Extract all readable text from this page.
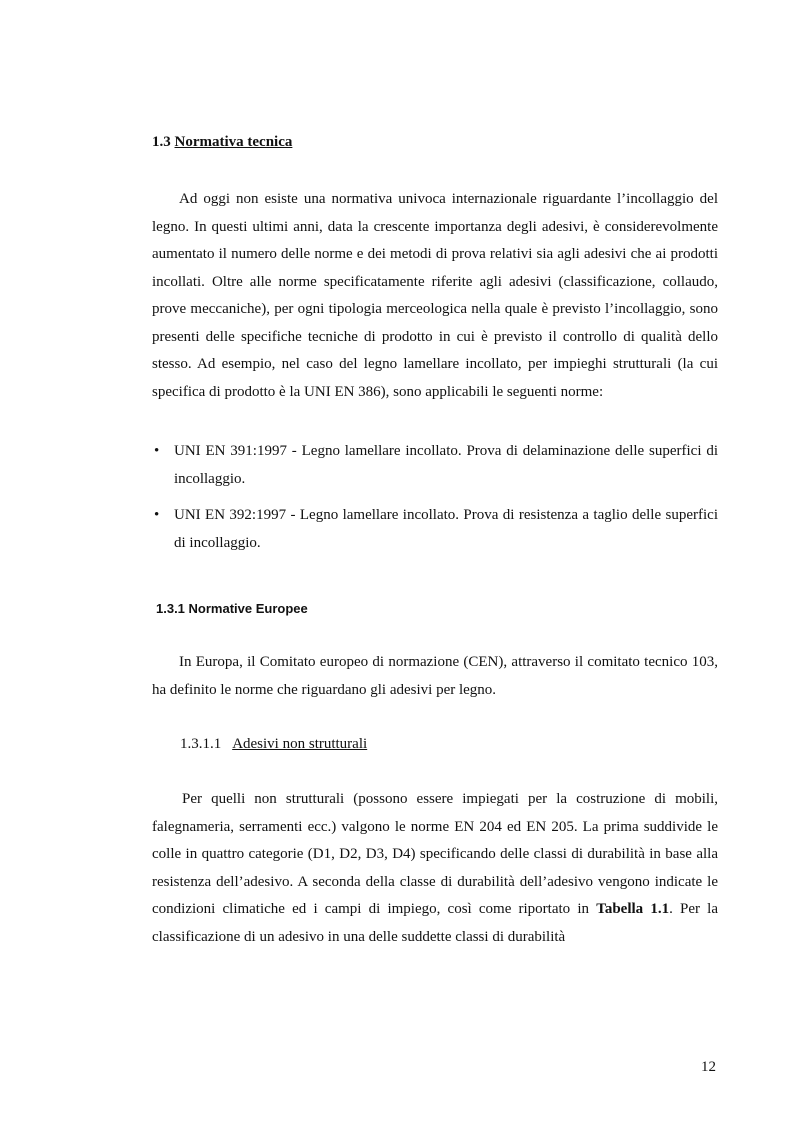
1.3 Normativa tecnica

Ad oggi non esiste una normativa univoca internazionale riguardante l’incollaggio del legno. In questi ultimi anni, data la crescente importanza degli adesivi, è considerevolmente aumentato il numero delle norme e dei metodi di prova relativi sia agli adesivi che ai prodotti incollati. Oltre alle norme specificatamente riferite agli adesivi (classificazione, collaudo, prove meccaniche), per ogni tipologia merceologica nella quale è previsto l’incollaggio, sono presenti delle specifiche tecniche di prodotto in cui è previsto il controllo di qualità dello stesso. Ad esempio, nel caso del legno lamellare incollato, per impieghi strutturali (la cui specifica di prodotto è la UNI EN 386), sono applicabili le seguenti norme:

• UNI EN 391:1997 - Legno lamellare incollato. Prova di delaminazione delle superfici di incollaggio.
• UNI EN 392:1997 - Legno lamellare incollato. Prova di resistenza a taglio delle superfici di incollaggio.
1.3.1 Normative Europee

In Europa, il Comitato europeo di normazione (CEN), attraverso il comitato tecnico 103, ha definito le norme che riguardano gli adesivi per legno.

1.3.1.1 Adesivi non strutturali

Per quelli non strutturali (possono essere impiegati per la costruzione di mobili, falegnameria, serramenti ecc.) valgono le norme EN 204 ed EN 205. La prima suddivide le colle in quattro categorie (D1, D2, D3, D4) specificando delle classi di durabilità in base alla resistenza dell’adesivo. A seconda della classe di durabilità dell’adesivo vengono indicate le condizioni climatiche ed i campi di impiego, così come riportato in Tabella 1.1. Per la classificazione di un adesivo in una delle suddette classi di durabilità

12
